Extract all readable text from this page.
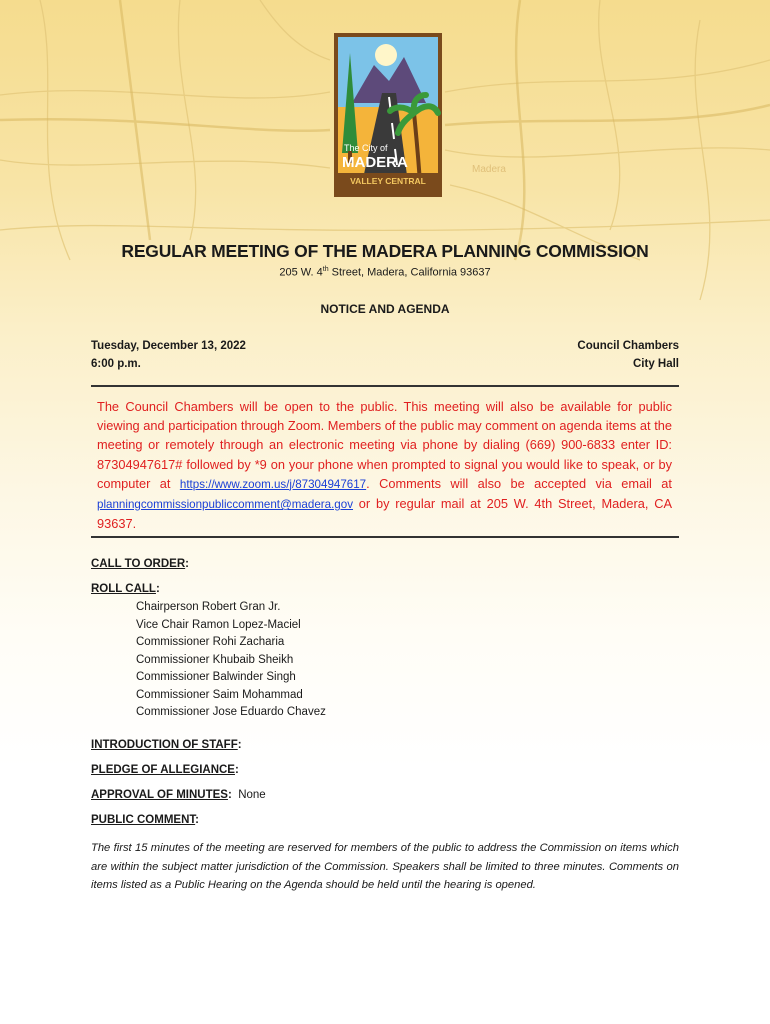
Madera
The City of
MADERA
VALLEY CENTRAL
REGULAR MEETING OF THE MADERA PLANNING COMMISSION
205 W. 4th Street, Madera, California 93637
NOTICE AND AGENDA
Tuesday, December 13, 2022
6:00 p.m.
Council Chambers
City Hall
The Council Chambers will be open to the public. This meeting will also be available for public viewing and participation through Zoom. Members of the public may comment on agenda items at the meeting or remotely through an electronic meeting via phone by dialing (669) 900-6833 enter ID: 87304947617# followed by *9 on your phone when prompted to signal you would like to speak, or by computer at https://www.zoom.us/j/87304947617. Comments will also be accepted via email at planningcommissionpubliccomment@madera.gov or by regular mail at 205 W. 4th Street, Madera, CA 93637.
CALL TO ORDER:
ROLL CALL:
Chairperson Robert Gran Jr.
Vice Chair Ramon Lopez-Maciel
Commissioner Rohi Zacharia
Commissioner Khubaib Sheikh
Commissioner Balwinder Singh
Commissioner Saim Mohammad
Commissioner Jose Eduardo Chavez
INTRODUCTION OF STAFF:
PLEDGE OF ALLEGIANCE:
APPROVAL OF MINUTES: None
PUBLIC COMMENT:
The first 15 minutes of the meeting are reserved for members of the public to address the Commission on items which are within the subject matter jurisdiction of the Commission. Speakers shall be limited to three minutes. Comments on items listed as a Public Hearing on the Agenda should be held until the hearing is opened.
